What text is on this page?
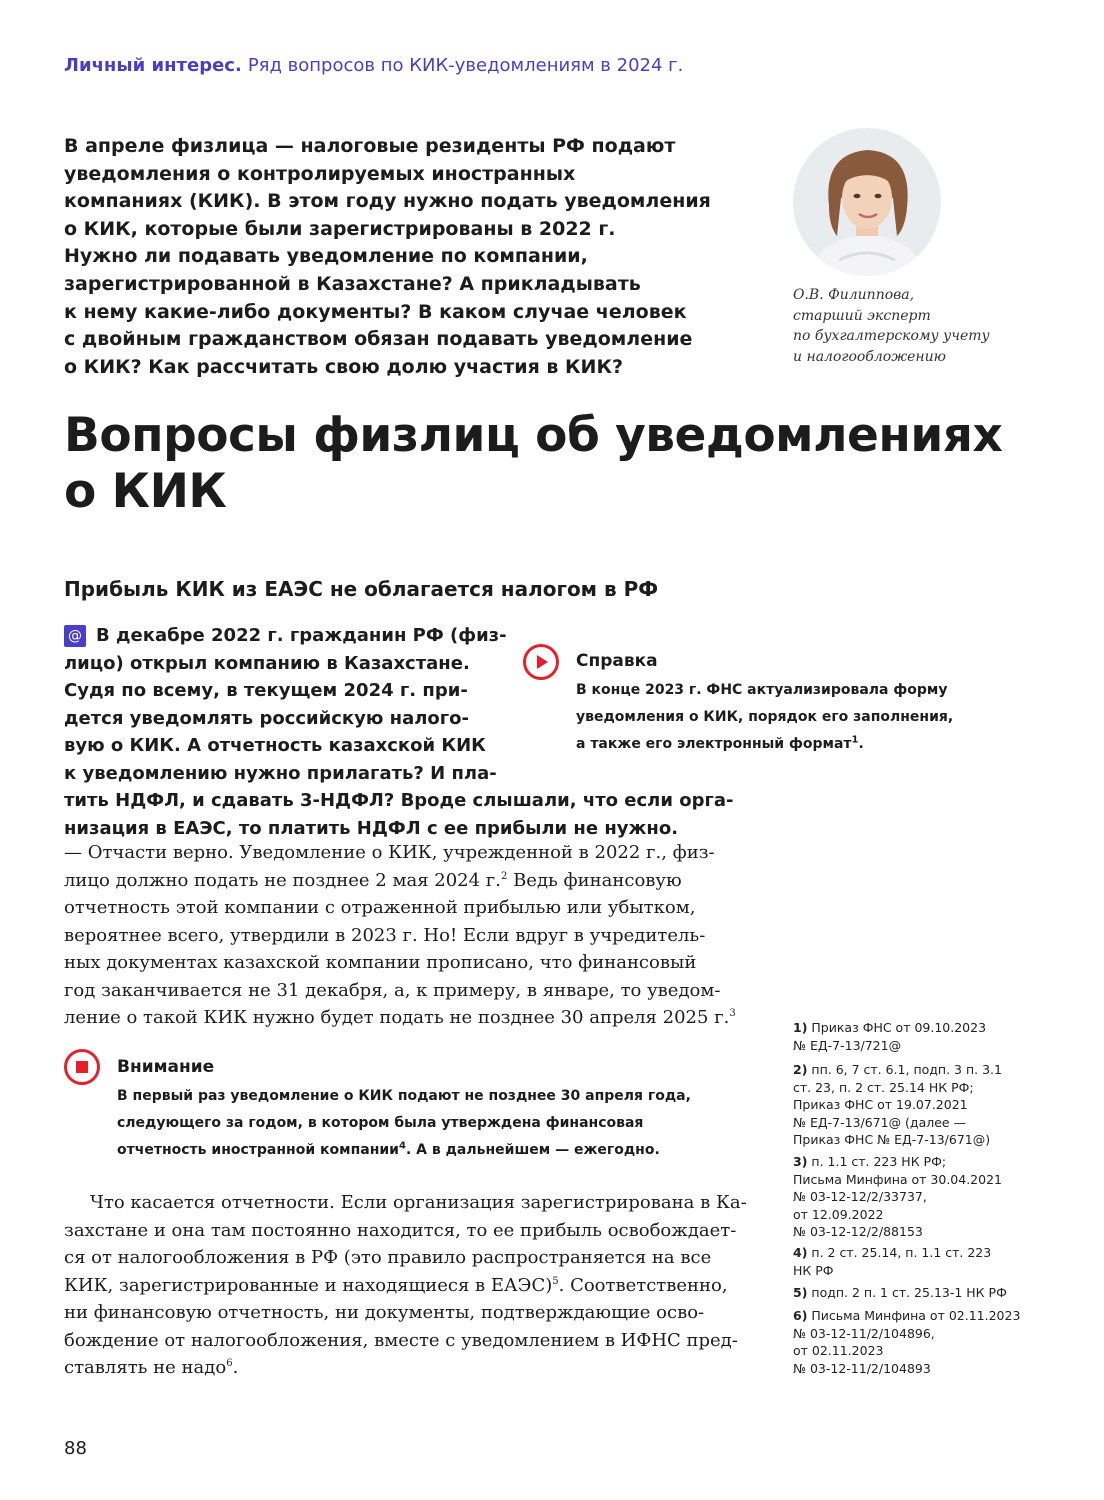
Личный интерес. Ряд вопросов по КИК-уведомлениям в 2024 г.
В апреле физлица — налоговые резиденты РФ подают
уведомления о контролируемых иностранных
компаниях (КИК). В этом году нужно подать уведомления
о КИК, которые были зарегистрированы в 2022 г.
Нужно ли подавать уведомление по компании,
зарегистрированной в Казахстане? А прикладывать
к нему какие-либо документы? В каком случае человек
с двойным гражданством обязан подавать уведомление
о КИК? Как рассчитать свою долю участия в КИК?
О.В. Филиппова,
старший эксперт
по бухгалтерскому учету
и налогообложению
Вопросы физлиц об уведомлениях
о КИК
Прибыль КИК из ЕАЭС не облагается налогом в РФ
@ В декабре 2022 г. гражданин РФ (физ-
лицо) открыл компанию в Казахстане.
Судя по всему, в текущем 2024 г. при-
дется уведомлять российскую налого-
вую о КИК. А отчетность казахской КИК
к уведомлению нужно прилагать? И пла-
тить НДФЛ, и сдавать 3-НДФЛ? Вроде слышали, что если орга-
низация в ЕАЭС, то платить НДФЛ с ее прибыли не нужно.
Справка
В конце 2023 г. ФНС актуализировала форму
уведомления о КИК, порядок его заполнения,
а также его электронный формат$^1$.
— Отчасти верно. Уведомление о КИК, учрежденной в 2022 г., физ-
лицо должно подать не позднее 2 мая 2024 г.$^2$ Ведь финансовую
отчетность этой компании с отраженной прибылью или убытком,
вероятнее всего, утвердили в 2023 г. Но! Если вдруг в учредитель-
ных документах казахской компании прописано, что финансовый
год заканчивается не 31 декабря, а, к примеру, в январе, то уведом-
ление о такой КИК нужно будет подать не позднее 30 апреля 2025 г.$^3$
Внимание
В первый раз уведомление о КИК подают не позднее 30 апреля года,
следующего за годом, в котором была утверждена финансовая
отчетность иностранной компании$^4$. А в дальнейшем — ежегодно.
Что касается отчетности. Если организация зарегистрирована в Ка-
захстане и она там постоянно находится, то ее прибыль освобождает-
ся от налогообложения в РФ (это правило распространяется на все
КИК, зарегистрированные и находящиеся в ЕАЭС)$^5$. Соответственно,
ни финансовую отчетность, ни документы, подтверждающие осво-
бождение от налогообложения, вместе с уведомлением в ИФНС пред-
ставлять не надо$^6$.
1) Приказ ФНС от 09.10.2023
№ ЕД-7-13/721@
2) пп. 6, 7 ст. 6.1, подп. 3 п. 3.1
ст. 23, п. 2 ст. 25.14 НК РФ;
Приказ ФНС от 19.07.2021
№ ЕД-7-13/671@ (далее —
Приказ ФНС № ЕД-7-13/671@)
3) п. 1.1 ст. 223 НК РФ;
Письма Минфина от 30.04.2021
№ 03-12-12/2/33737,
от 12.09.2022
№ 03-12-12/2/88153
4) п. 2 ст. 25.14, п. 1.1 ст. 223
НК РФ
5) подп. 2 п. 1 ст. 25.13-1 НК РФ
6) Письма Минфина от 02.11.2023
№ 03-12-11/2/104896,
от 02.11.2023
№ 03-12-11/2/104893
88
